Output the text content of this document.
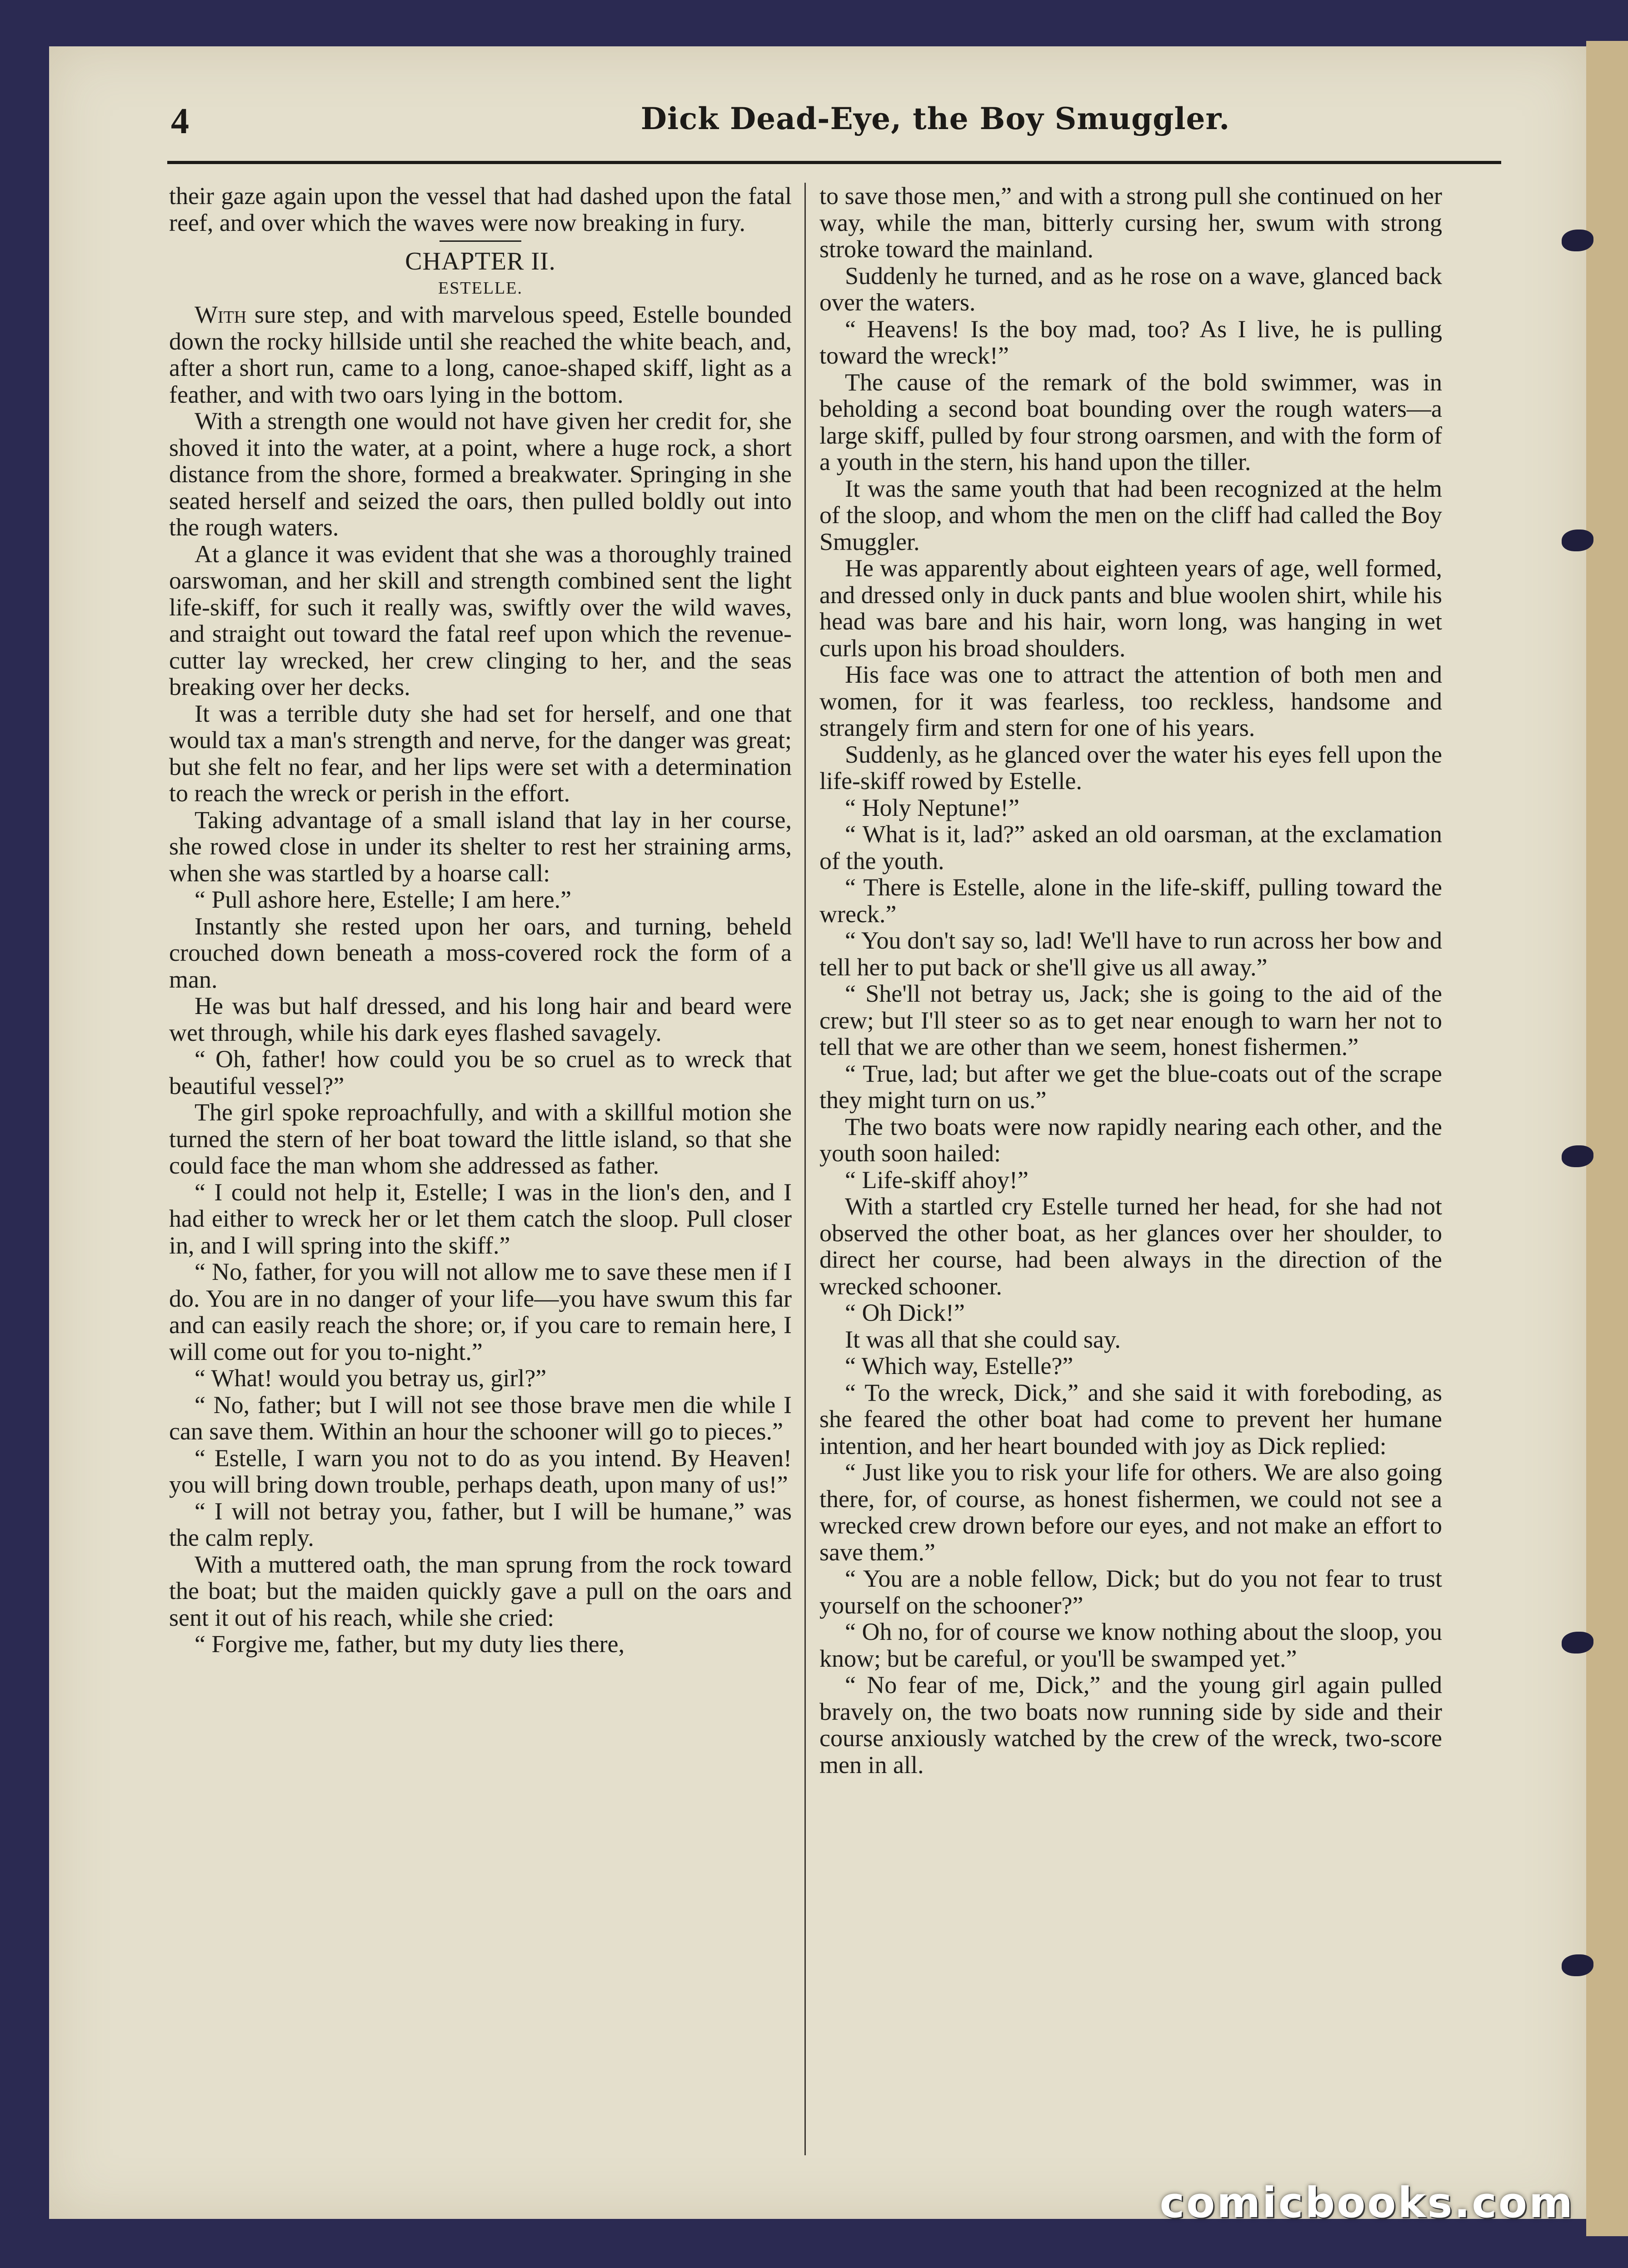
4	Dick Dead-Eye, the Boy Smuggler.

their gaze again upon the vessel that had dashed upon the fatal reef, and over which the waves were now breaking in fury.

CHAPTER II.
ESTELLE.

With sure step, and with marvelous speed, Estelle bounded down the rocky hillside until she reached the white beach, and, after a short run, came to a long, canoe-shaped skiff, light as a feather, and with two oars lying in the bottom.

With a strength one would not have given her credit for, she shoved it into the water, at a point, where a huge rock, a short distance from the shore, formed a breakwater. Springing in she seated herself and seized the oars, then pulled boldly out into the rough waters.

At a glance it was evident that she was a thoroughly trained oarswoman, and her skill and strength combined sent the light life-skiff, for such it really was, swiftly over the wild waves, and straight out toward the fatal reef upon which the revenue-cutter lay wrecked, her crew clinging to her, and the seas breaking over her decks.

It was a terrible duty she had set for herself, and one that would tax a man's strength and nerve, for the danger was great; but she felt no fear, and her lips were set with a determination to reach the wreck or perish in the effort.

Taking advantage of a small island that lay in her course, she rowed close in under its shelter to rest her straining arms, when she was startled by a hoarse call:

“ Pull ashore here, Estelle; I am here.”

Instantly she rested upon her oars, and turning, beheld crouched down beneath a moss-covered rock the form of a man.

He was but half dressed, and his long hair and beard were wet through, while his dark eyes flashed savagely.

“ Oh, father! how could you be so cruel as to wreck that beautiful vessel?”

The girl spoke reproachfully, and with a skillful motion she turned the stern of her boat toward the little island, so that she could face the man whom she addressed as father.

“ I could not help it, Estelle; I was in the lion's den, and I had either to wreck her or let them catch the sloop. Pull closer in, and I will spring into the skiff.”

“ No, father, for you will not allow me to save these men if I do. You are in no danger of your life—you have swum this far and can easily reach the shore; or, if you care to remain here, I will come out for you to-night.”

“ What! would you betray us, girl?”

“ No, father; but I will not see those brave men die while I can save them. Within an hour the schooner will go to pieces.”

“ Estelle, I warn you not to do as you intend. By Heaven! you will bring down trouble, perhaps death, upon many of us!”

“ I will not betray you, father, but I will be humane,” was the calm reply.

With a muttered oath, the man sprung from the rock toward the boat; but the maiden quickly gave a pull on the oars and sent it out of his reach, while she cried:

“ Forgive me, father, but my duty lies there,

to save those men,” and with a strong pull she continued on her way, while the man, bitterly cursing her, swum with strong stroke toward the mainland.

Suddenly he turned, and as he rose on a wave, glanced back over the waters.

“ Heavens! Is the boy mad, too? As I live, he is pulling toward the wreck!”

The cause of the remark of the bold swimmer, was in beholding a second boat bounding over the rough waters—a large skiff, pulled by four strong oarsmen, and with the form of a youth in the stern, his hand upon the tiller.

It was the same youth that had been recognized at the helm of the sloop, and whom the men on the cliff had called the Boy Smuggler.

He was apparently about eighteen years of age, well formed, and dressed only in duck pants and blue woolen shirt, while his head was bare and his hair, worn long, was hanging in wet curls upon his broad shoulders.

His face was one to attract the attention of both men and women, for it was fearless, too reckless, handsome and strangely firm and stern for one of his years.

Suddenly, as he glanced over the water his eyes fell upon the life-skiff rowed by Estelle.

“ Holy Neptune!”

“ What is it, lad?” asked an old oarsman, at the exclamation of the youth.

“ There is Estelle, alone in the life-skiff, pulling toward the wreck.”

“ You don't say so, lad! We'll have to run across her bow and tell her to put back or she'll give us all away.”

“ She'll not betray us, Jack; she is going to the aid of the crew; but I'll steer so as to get near enough to warn her not to tell that we are other than we seem, honest fishermen.”

“ True, lad; but after we get the blue-coats out of the scrape they might turn on us.”

The two boats were now rapidly nearing each other, and the youth soon hailed:

“ Life-skiff ahoy!”

With a startled cry Estelle turned her head, for she had not observed the other boat, as her glances over her shoulder, to direct her course, had been always in the direction of the wrecked schooner.

“ Oh Dick!”

It was all that she could say.

“ Which way, Estelle?”

“ To the wreck, Dick,” and she said it with foreboding, as she feared the other boat had come to prevent her humane intention, and her heart bounded with joy as Dick replied:

“ Just like you to risk your life for others. We are also going there, for, of course, as honest fishermen, we could not see a wrecked crew drown before our eyes, and not make an effort to save them.”

“ You are a noble fellow, Dick; but do you not fear to trust yourself on the schooner?”

“ Oh no, for of course we know nothing about the sloop, you know; but be careful, or you'll be swamped yet.”

“ No fear of me, Dick,” and the young girl again pulled bravely on, the two boats now running side by side and their course anxiously watched by the crew of the wreck, two-score men in all.

comicbooks.com
